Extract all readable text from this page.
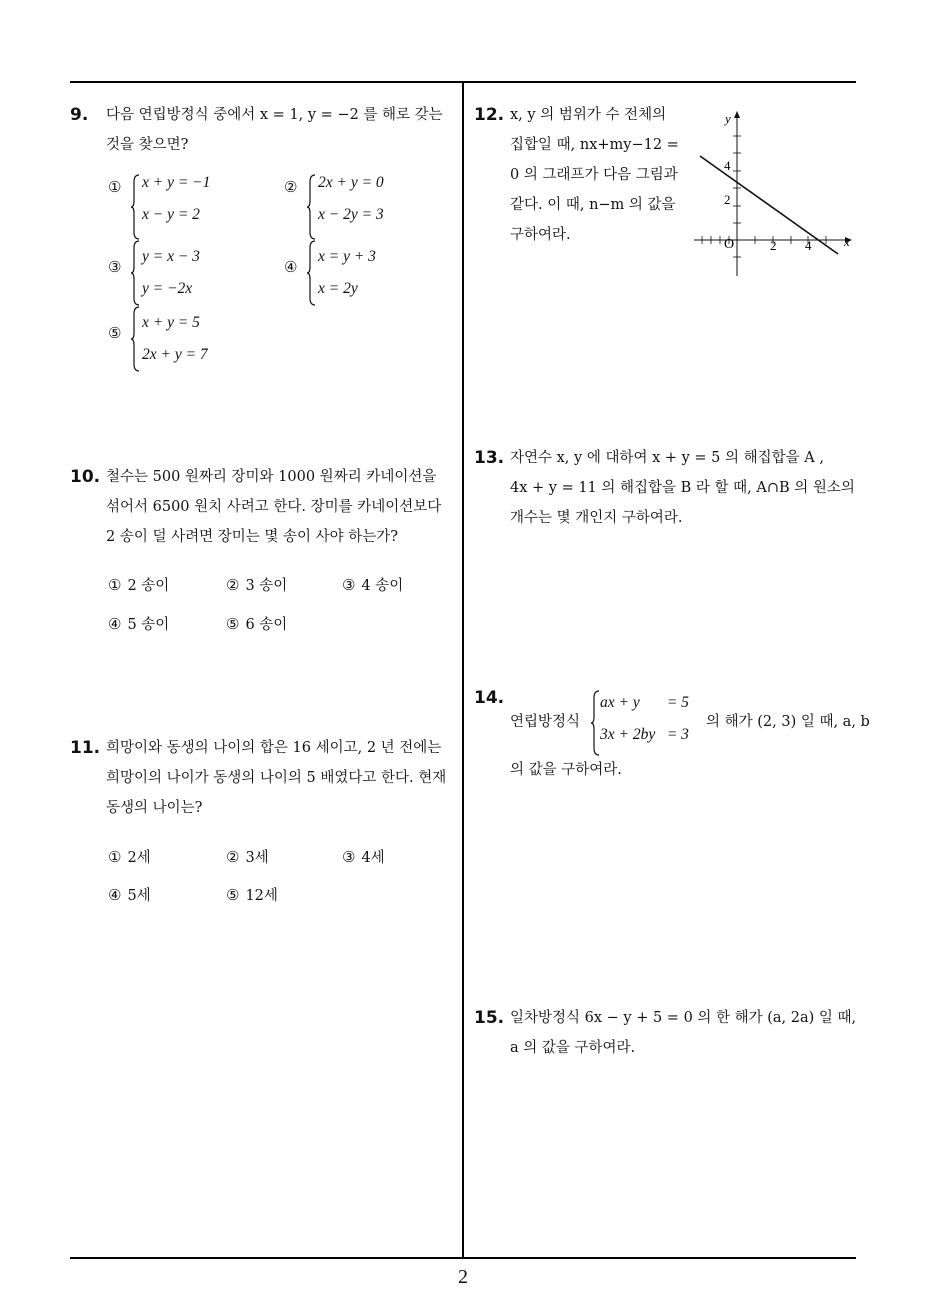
9. 다음 연립방정식 중에서 x = 1, y = −2 를 해로 갖는
것을 찾으면?
① x + y = −1
x − y = 2
② 2x + y = 0
x − 2y = 3
③
y = x − 3
y = −2x
④
x = y + 3
x = 2y
⑤
x + y = 5
2x + y = 7
10. 철수는 500 원짜리 장미와 1000 원짜리 카네이션을
섞어서 6500 원치 사려고 한다. 장미를 카네이션보다
2 송이 덜 사려면 장미는 몇 송이 사야 하는가?
① 2 송이	② 3 송이	③ 4 송이
④ 5 송이	⑤ 6 송이
11. 희망이와 동생의 나이의 합은 16 세이고, 2 년 전에는
희망이의 나이가 동생의 나이의 5 배였다고 한다. 현재
동생의 나이는?
① 2세	② 3세	③ 4세
④ 5세	⑤ 12세
12. x, y 의 범위가 수 전체의
집합일 때, nx+my−12 =
0 의 그래프가 다음 그림과
같다. 이 때, n−m 의 값을
구하여라.
y
x
O	2 4
2
4
13. 자연수 x, y 에 대하여 x + y = 5 의 해집합을 A ,
4x + y = 11 의 해집합을 B 라 할 때, A∩B 의 원소의
개수는 몇 개인지 구하여라.
14.
연립방정식
ax + y       = 5
3x + 2by   = 3
의 해가 (2, 3) 일 때, a, b
의 값을 구하여라.
15. 일차방정식 6x − y + 5 = 0 의 한 해가 (a, 2a) 일 때,
a 의 값을 구하여라.
2
